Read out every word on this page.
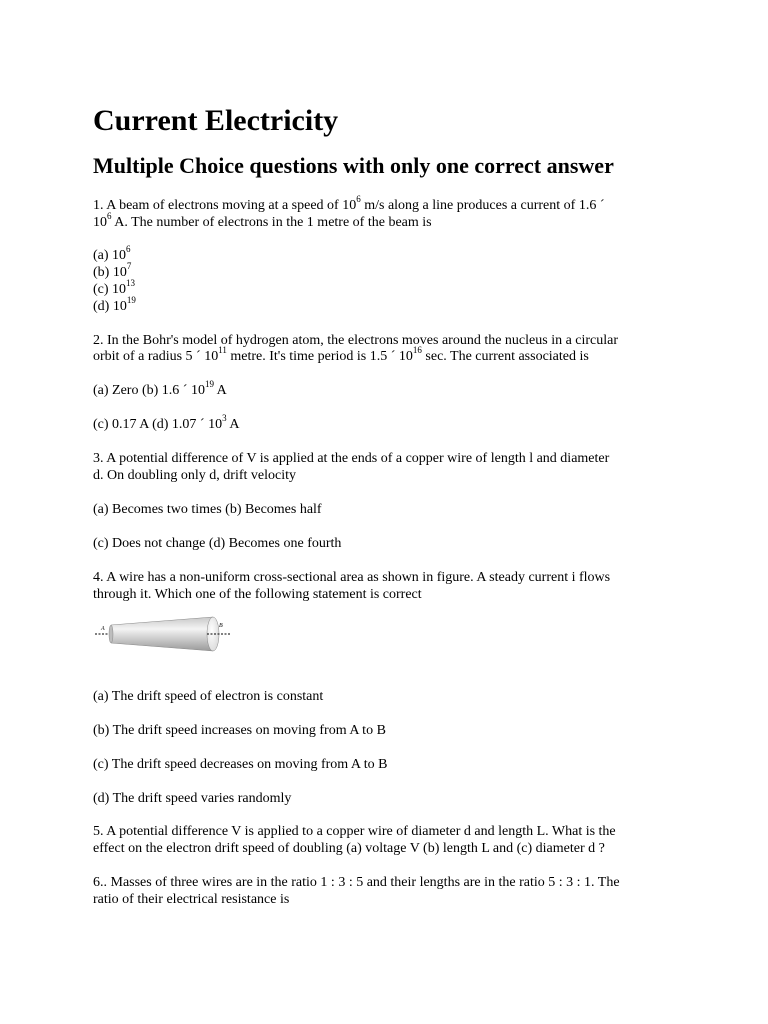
Current Electricity
Multiple Choice questions with only one correct answer
1. A beam of electrons moving at a speed of $10^6$ m/s along a line produces a current of 1.6 ´
$10^6$ A. The number of electrons in the 1 metre of the beam is
(a) $10^6$
(b) $10^7$
(c) $10^{13}$
(d) $10^{19}$
2. In the Bohr's model of hydrogen atom, the electrons moves around the nucleus in a circular
orbit of a radius 5 ´ $10^{11}$ metre. It's time period is 1.5 ´ $10^{16}$ sec. The current associated is
(a) Zero (b) 1.6 ´ $10^{19}$ A
(c) 0.17 A (d) 1.07 ´ $10^3$ A
3. A potential difference of V is applied at the ends of a copper wire of length l and diameter
d. On doubling only d, drift velocity
(a) Becomes two times (b) Becomes half
(c) Does not change (d) Becomes one fourth
4. A wire has a non-uniform cross-sectional area as shown in figure. A steady current i flows
through it. Which one of the following statement is correct
A	B
(a) The drift speed of electron is constant
(b) The drift speed increases on moving from A to B
(c) The drift speed decreases on moving from A to B
(d) The drift speed varies randomly
5. A potential difference V is applied to a copper wire of diameter d and length L. What is the
effect on the electron drift speed of doubling (a) voltage V (b) length L and (c) diameter d ?
6.. Masses of three wires are in the ratio 1 : 3 : 5 and their lengths are in the ratio 5 : 3 : 1. The
ratio of their electrical resistance is
